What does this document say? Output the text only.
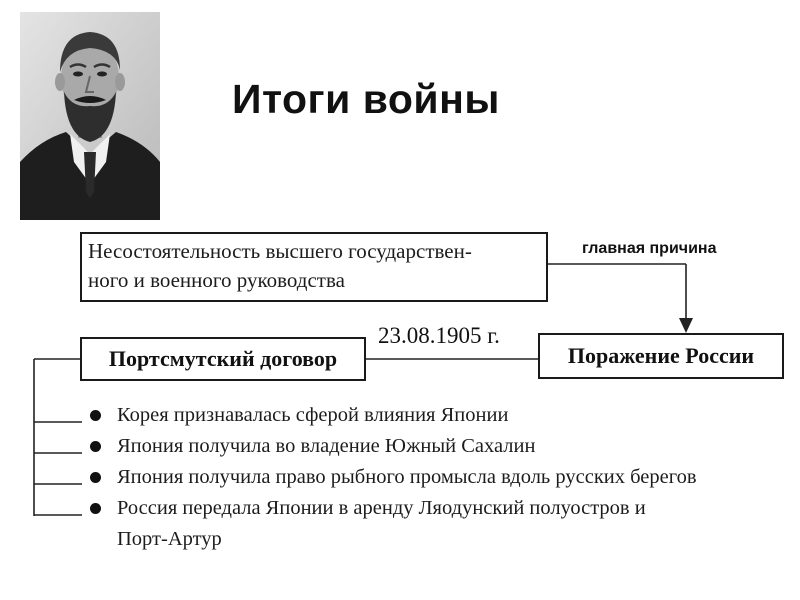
Итоги войны
Несостоятельность высшего государствен-
ного и военного руководства
главная причина
Портсмутский договор
23.08.1905 г.
Поражение России
Корея признавалась сферой влияния Японии
Япония получила во владение Южный Сахалин
Япония получила право рыбного промысла вдоль русских берегов
Россия передала Японии в аренду Ляодунский полуостров и
Порт-Артур
